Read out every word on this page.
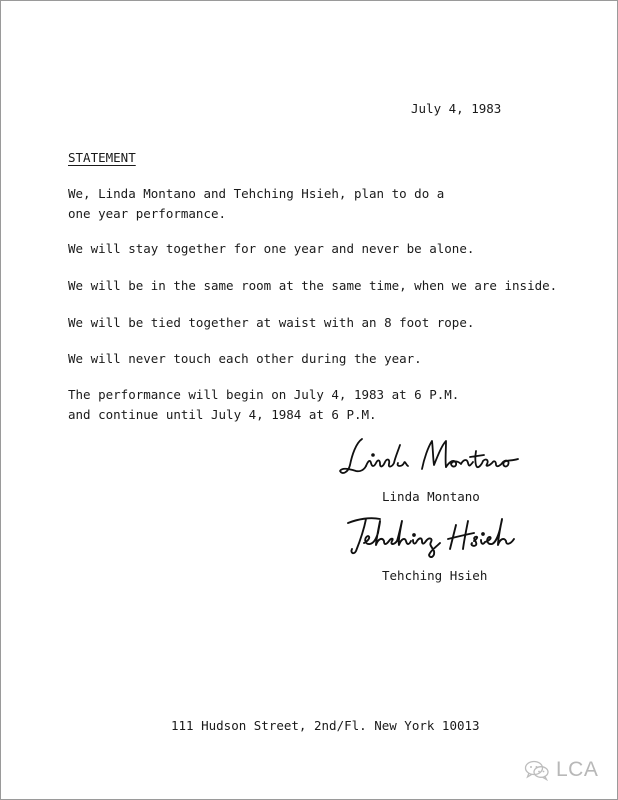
July 4, 1983
STATEMENT
We, Linda Montano and Tehching Hsieh, plan to do a
one year performance.
We will stay together for one year and never be alone.
We will be in the same room at the same time, when we are inside.
We will be tied together at waist with an 8 foot rope.
We will never touch each other during the year.
The performance will begin on July 4, 1983 at 6 P.M.
and continue until July 4, 1984 at 6 P.M.
Linda Montano
Tehching Hsieh
111 Hudson Street, 2nd/Fl. New York 10013
LCA
